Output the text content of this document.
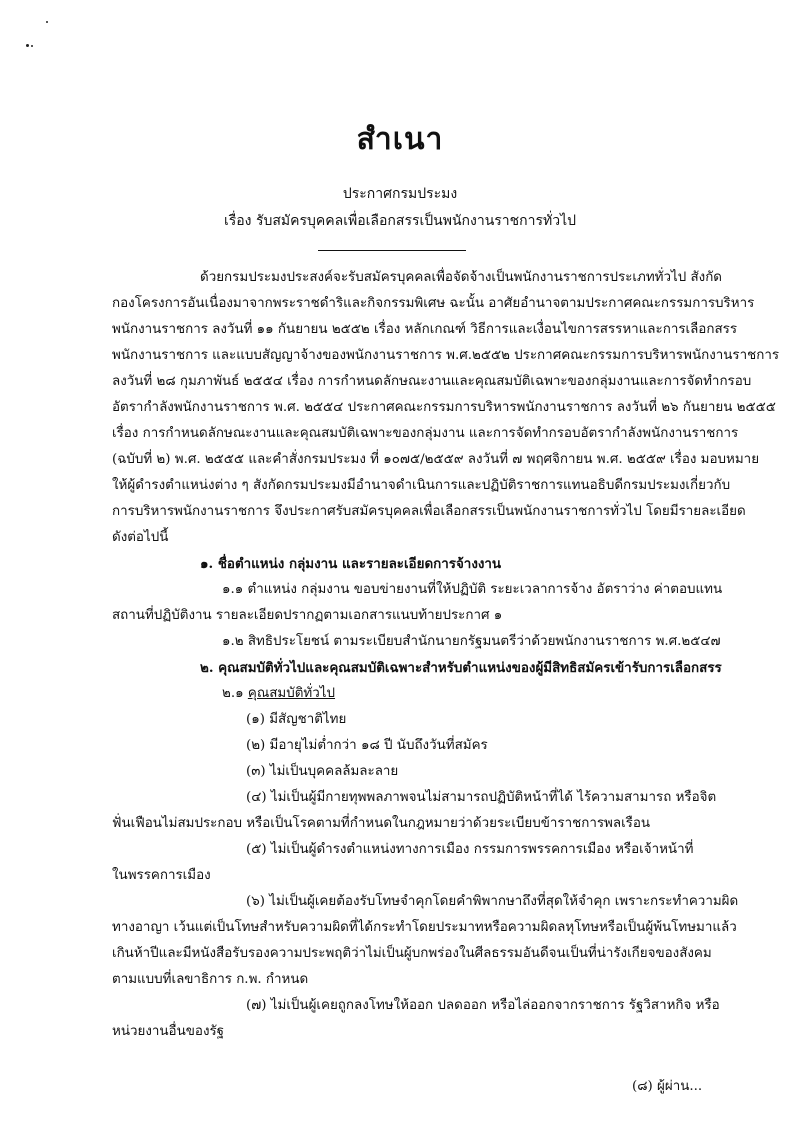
สำเนา
ประกาศกรมประมง
เรื่อง รับสมัครบุคคลเพื่อเลือกสรรเป็นพนักงานราชการทั่วไป
ด้วยกรมประมงประสงค์จะรับสมัครบุคคลเพื่อจัดจ้างเป็นพนักงานราชการประเภททั่วไป สังกัด
กองโครงการอันเนื่องมาจากพระราชดำริและกิจกรรมพิเศษ ฉะนั้น อาศัยอำนาจตามประกาศคณะกรรมการบริหาร
พนักงานราชการ ลงวันที่ ๑๑ กันยายน ๒๕๕๒ เรื่อง หลักเกณฑ์ วิธีการและเงื่อนไขการสรรหาและการเลือกสรร
พนักงานราชการ และแบบสัญญาจ้างของพนักงานราชการ พ.ศ.๒๕๕๒ ประกาศคณะกรรมการบริหารพนักงานราชการ
ลงวันที่ ๒๘ กุมภาพันธ์ ๒๕๕๔ เรื่อง การกำหนดลักษณะงานและคุณสมบัติเฉพาะของกลุ่มงานและการจัดทำกรอบ
อัตรากำลังพนักงานราชการ พ.ศ. ๒๕๕๔ ประกาศคณะกรรมการบริหารพนักงานราชการ ลงวันที่ ๒๖ กันยายน ๒๕๕๕
เรื่อง การกำหนดลักษณะงานและคุณสมบัติเฉพาะของกลุ่มงาน และการจัดทำกรอบอัตรากำลังพนักงานราชการ
(ฉบับที่ ๒) พ.ศ. ๒๕๕๕ และคำสั่งกรมประมง ที่ ๑๐๗๕/๒๕๕๙ ลงวันที่ ๗ พฤศจิกายน พ.ศ. ๒๕๕๙ เรื่อง มอบหมาย
ให้ผู้ดำรงตำแหน่งต่าง ๆ สังกัดกรมประมงมีอำนาจดำเนินการและปฏิบัติราชการแทนอธิบดีกรมประมงเกี่ยวกับ
การบริหารพนักงานราชการ จึงประกาศรับสมัครบุคคลเพื่อเลือกสรรเป็นพนักงานราชการทั่วไป โดยมีรายละเอียด
ดังต่อไปนี้
๑. ชื่อตำแหน่ง กลุ่มงาน และรายละเอียดการจ้างงาน
๑.๑ ตำแหน่ง กลุ่มงาน ขอบข่ายงานที่ให้ปฏิบัติ ระยะเวลาการจ้าง อัตราว่าง ค่าตอบแทน
สถานที่ปฏิบัติงาน รายละเอียดปรากฏตามเอกสารแนบท้ายประกาศ ๑
๑.๒ สิทธิประโยชน์ ตามระเบียบสำนักนายกรัฐมนตรีว่าด้วยพนักงานราชการ พ.ศ.๒๕๔๗
๒. คุณสมบัติทั่วไปและคุณสมบัติเฉพาะสำหรับตำแหน่งของผู้มีสิทธิสมัครเข้ารับการเลือกสรร
๒.๑ คุณสมบัติทั่วไป
(๑) มีสัญชาติไทย
(๒) มีอายุไม่ต่ำกว่า ๑๘ ปี นับถึงวันที่สมัคร
(๓) ไม่เป็นบุคคลล้มละลาย
(๔) ไม่เป็นผู้มีกายทุพพลภาพจนไม่สามารถปฏิบัติหน้าที่ได้ ไร้ความสามารถ หรือจิต
ฟั่นเฟือนไม่สมประกอบ หรือเป็นโรคตามที่กำหนดในกฎหมายว่าด้วยระเบียบข้าราชการพลเรือน
(๕) ไม่เป็นผู้ดำรงตำแหน่งทางการเมือง กรรมการพรรคการเมือง หรือเจ้าหน้าที่
ในพรรคการเมือง
(๖) ไม่เป็นผู้เคยต้องรับโทษจำคุกโดยคำพิพากษาถึงที่สุดให้จำคุก เพราะกระทำความผิด
ทางอาญา เว้นแต่เป็นโทษสำหรับความผิดที่ได้กระทำโดยประมาทหรือความผิดลหุโทษหรือเป็นผู้พ้นโทษมาแล้ว
เกินห้าปีและมีหนังสือรับรองความประพฤติว่าไม่เป็นผู้บกพร่องในศีลธรรมอันดีจนเป็นที่น่ารังเกียจของสังคม
ตามแบบที่เลขาธิการ ก.พ. กำหนด
(๗) ไม่เป็นผู้เคยถูกลงโทษให้ออก ปลดออก หรือไล่ออกจากราชการ รัฐวิสาหกิจ หรือ
หน่วยงานอื่นของรัฐ
(๘) ผู้ผ่าน...
